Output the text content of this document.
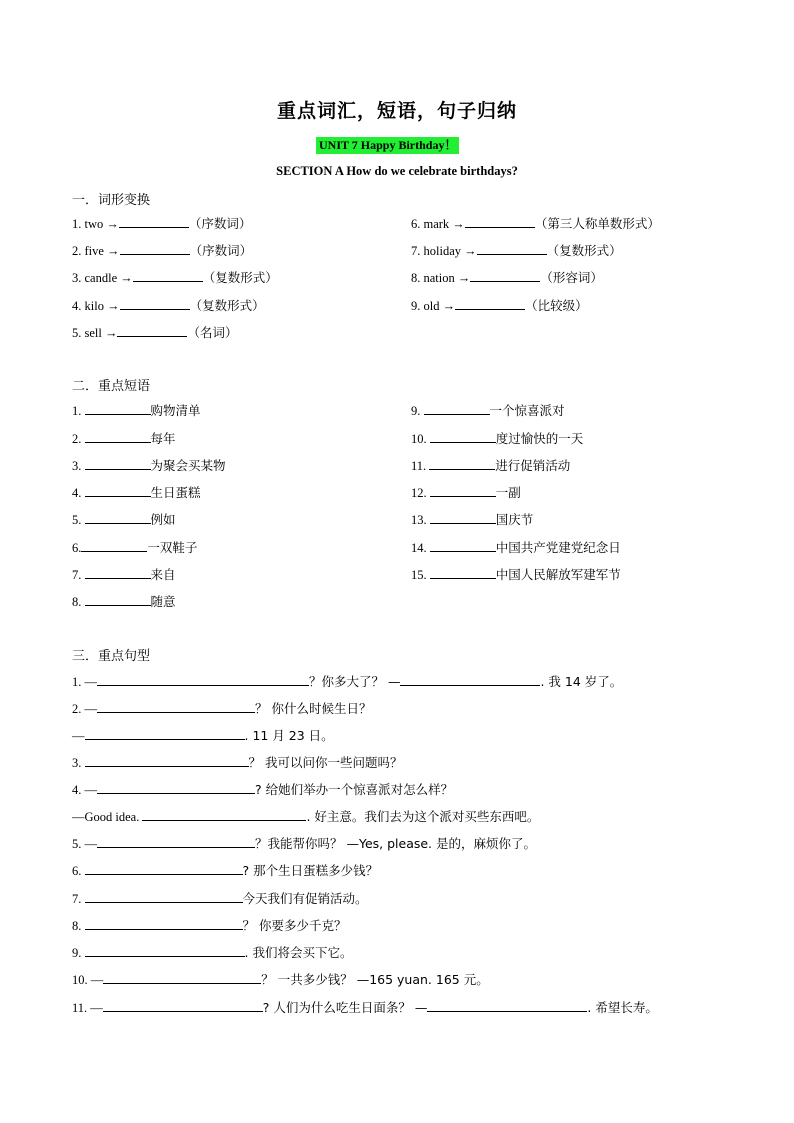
重点词汇，短语，句子归纳
UNIT 7 Happy Birthday！
SECTION A How do we celebrate birthdays?
一．词形变换
1. two →	（序数词）
2. five →	（序数词）
3. candle →	（复数形式）
4. kilo →	（复数形式）
5. sell →	（名词）
6. mark →	（第三人称单数形式）
7. holiday →	（复数形式）
8. nation →	（形容词）
9. old →	（比较级）
二．重点短语
1.	购物清单
2.	每年
3.	为聚会买某物
4.	生日蛋糕
5.	例如
6.	一双鞋子
7.	来自
8.	随意
9.	一个惊喜派对
10.	度过愉快的一天
11.	进行促销活动
12.	一副
13.	国庆节
14.	中国共产党建党纪念日
15.	中国人民解放军建军节
三．重点句型
1. —	？你多大了？ —	. 我 14 岁了。
2. —	？ 你什么时候生日？
—	. 11 月 23 日。
3.	？ 我可以问你一些问题吗？
4. —	? 给她们举办一个惊喜派对怎么样？
—Good idea.	. 好主意。我们去为这个派对买些东西吧。
5. —	？我能帮你吗？ —Yes, please. 是的，麻烦你了。
6.	? 那个生日蛋糕多少钱？
7.	今天我们有促销活动。
8.	？ 你要多少千克？
9.	. 我们将会买下它。
10. —	？ 一共多少钱？ —165 yuan. 165 元。
11. —	? 人们为什么吃生日面条？ —	. 希望长寿。
